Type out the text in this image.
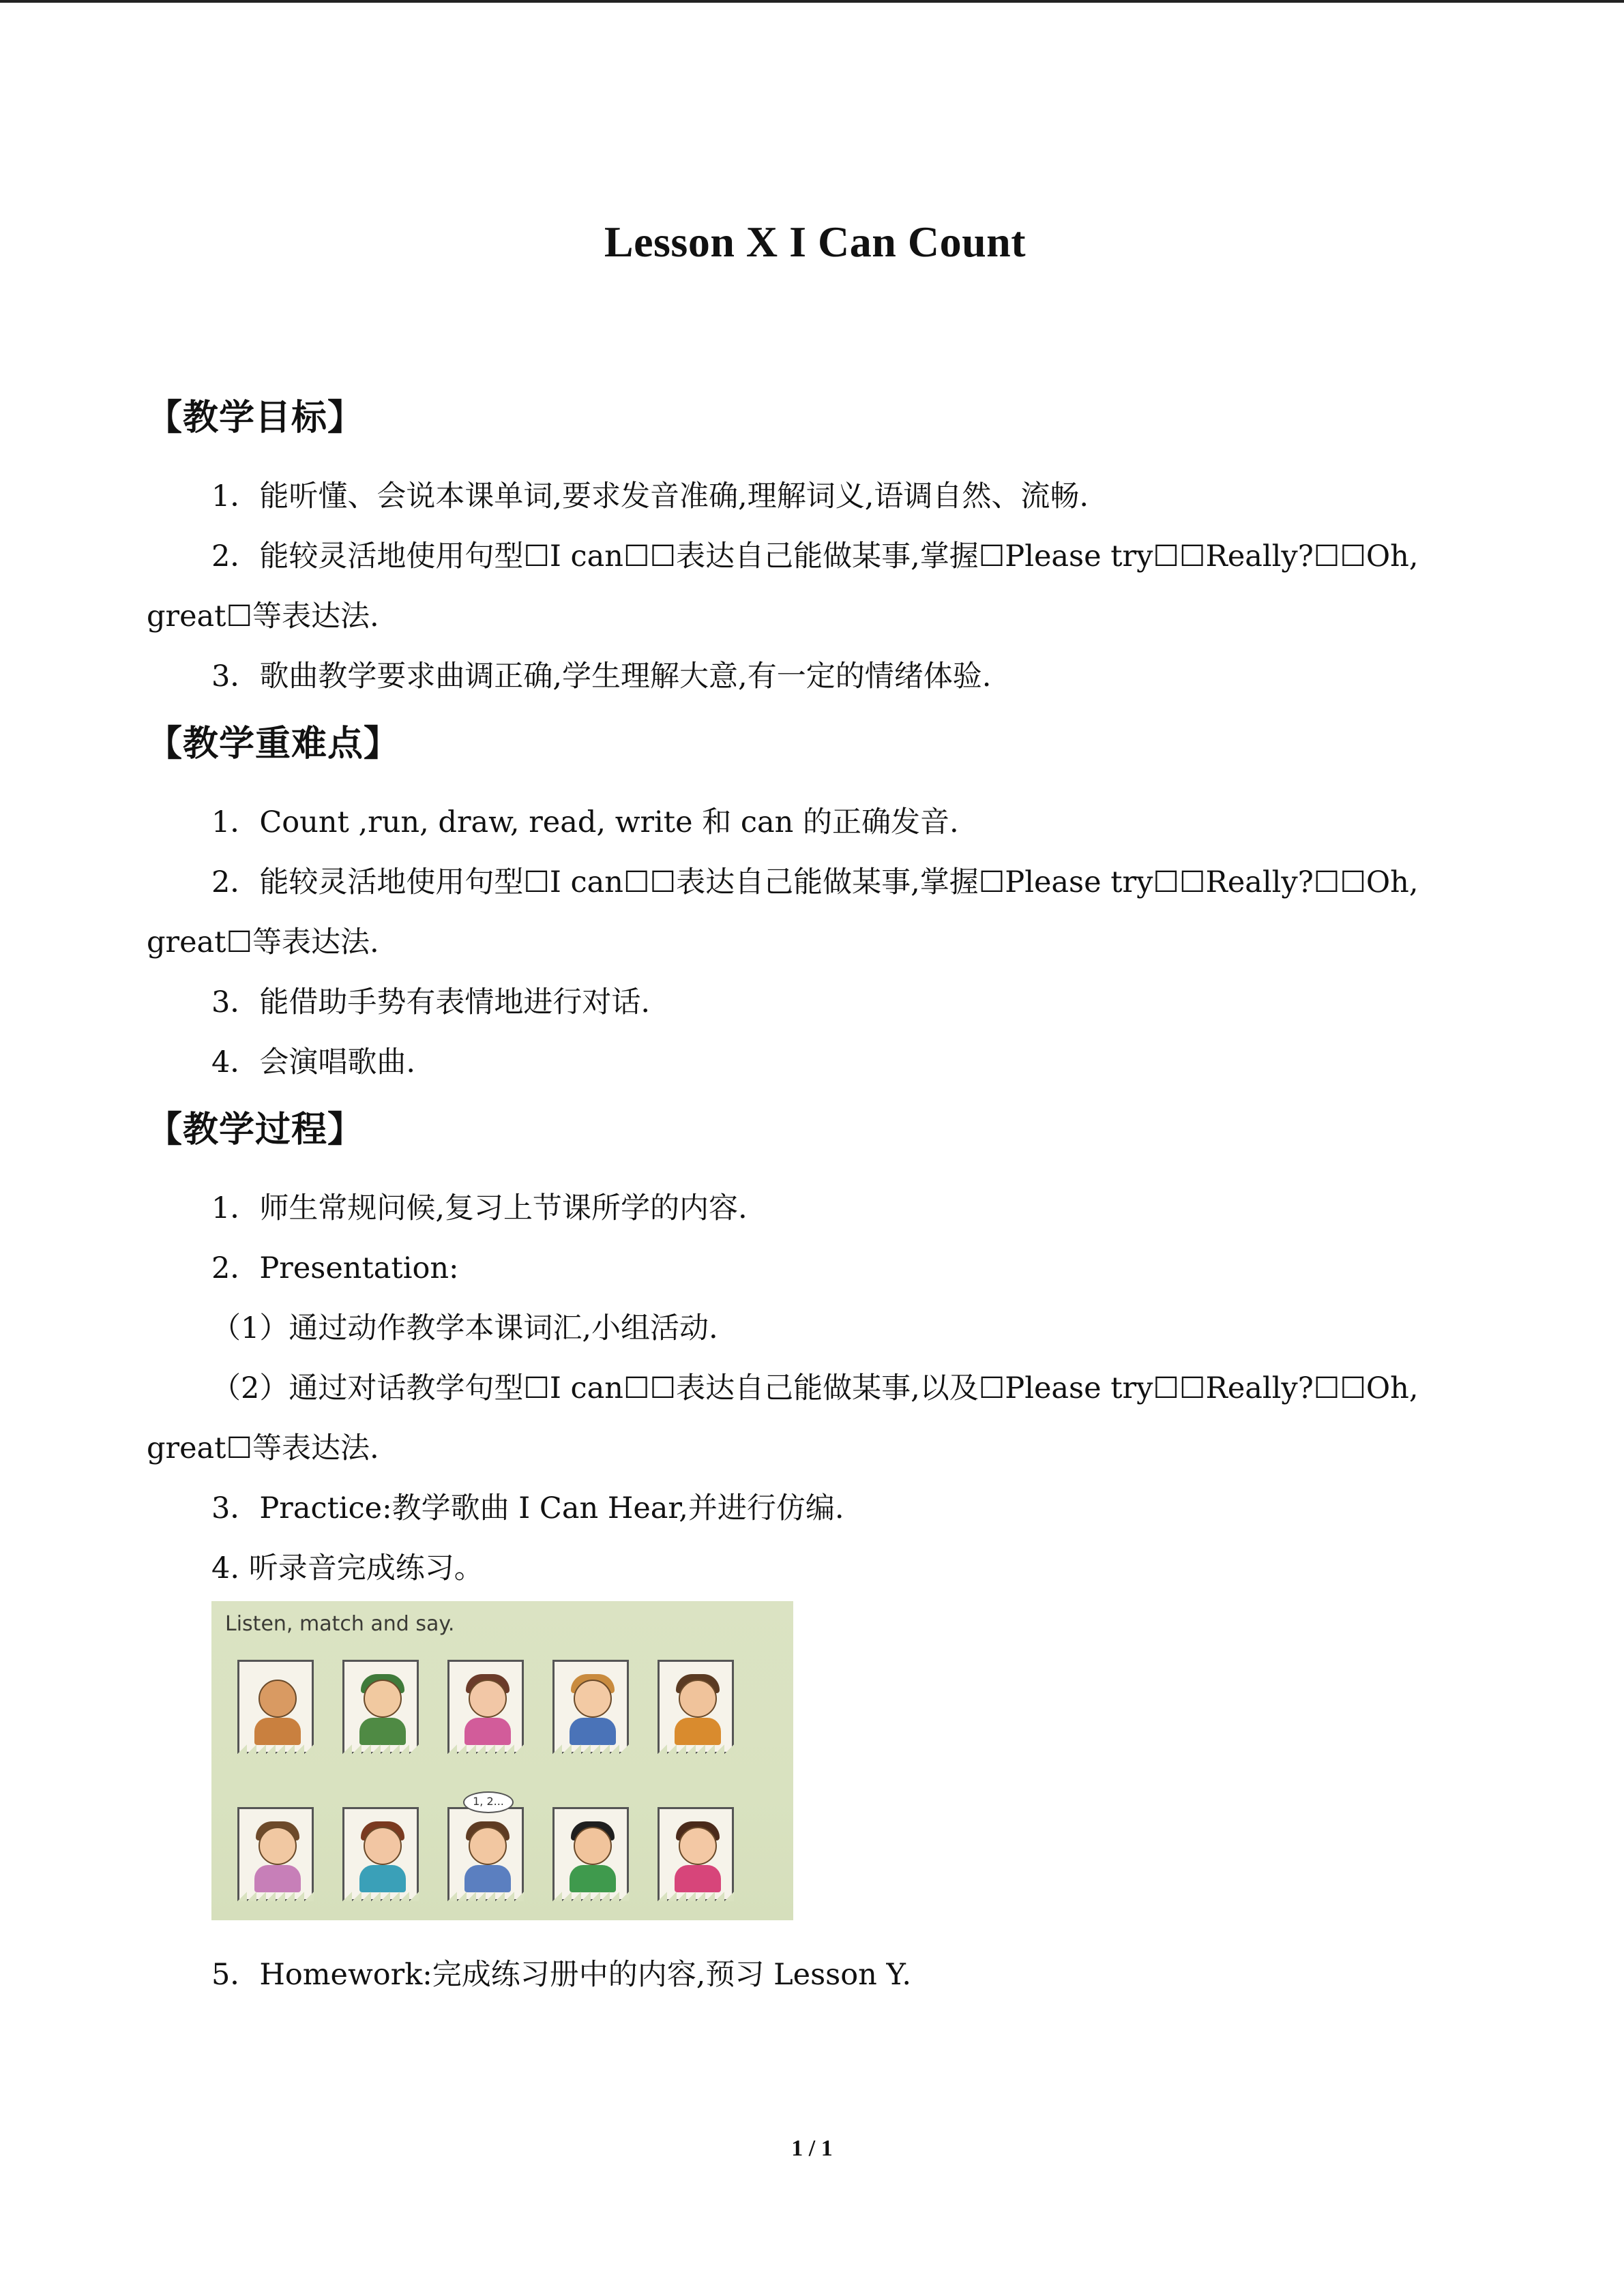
Lesson X I Can Count
【教学目标】
1．能听懂、会说本课单词,要求发音准确,理解词义,语调自然、流畅.
2．能较灵活地使用句型☐I can☐☐表达自己能做某事,掌握☐Please try☐☐Really?☐☐Oh, great☐等表达法.
3．歌曲教学要求曲调正确,学生理解大意,有一定的情绪体验.
【教学重难点】
1．Count ,run, draw, read, write 和 can 的正确发音.
2．能较灵活地使用句型☐I can☐☐表达自己能做某事,掌握☐Please try☐☐Really?☐☐Oh, great☐等表达法.
3．能借助手势有表情地进行对话.
4．会演唱歌曲.
【教学过程】
1．师生常规问候,复习上节课所学的内容.
2．Presentation:
（1）通过动作教学本课词汇,小组活动.
（2）通过对话教学句型☐I can☐☐表达自己能做某事,以及☐Please try☐☐Really?☐☐Oh, great☐等表达法.
3．Practice:教学歌曲 I Can Hear,并进行仿编.
4. 听录音完成练习。
Listen, match and say.
1, 2...
5．Homework:完成练习册中的内容,预习 Lesson Y.
1 / 1
